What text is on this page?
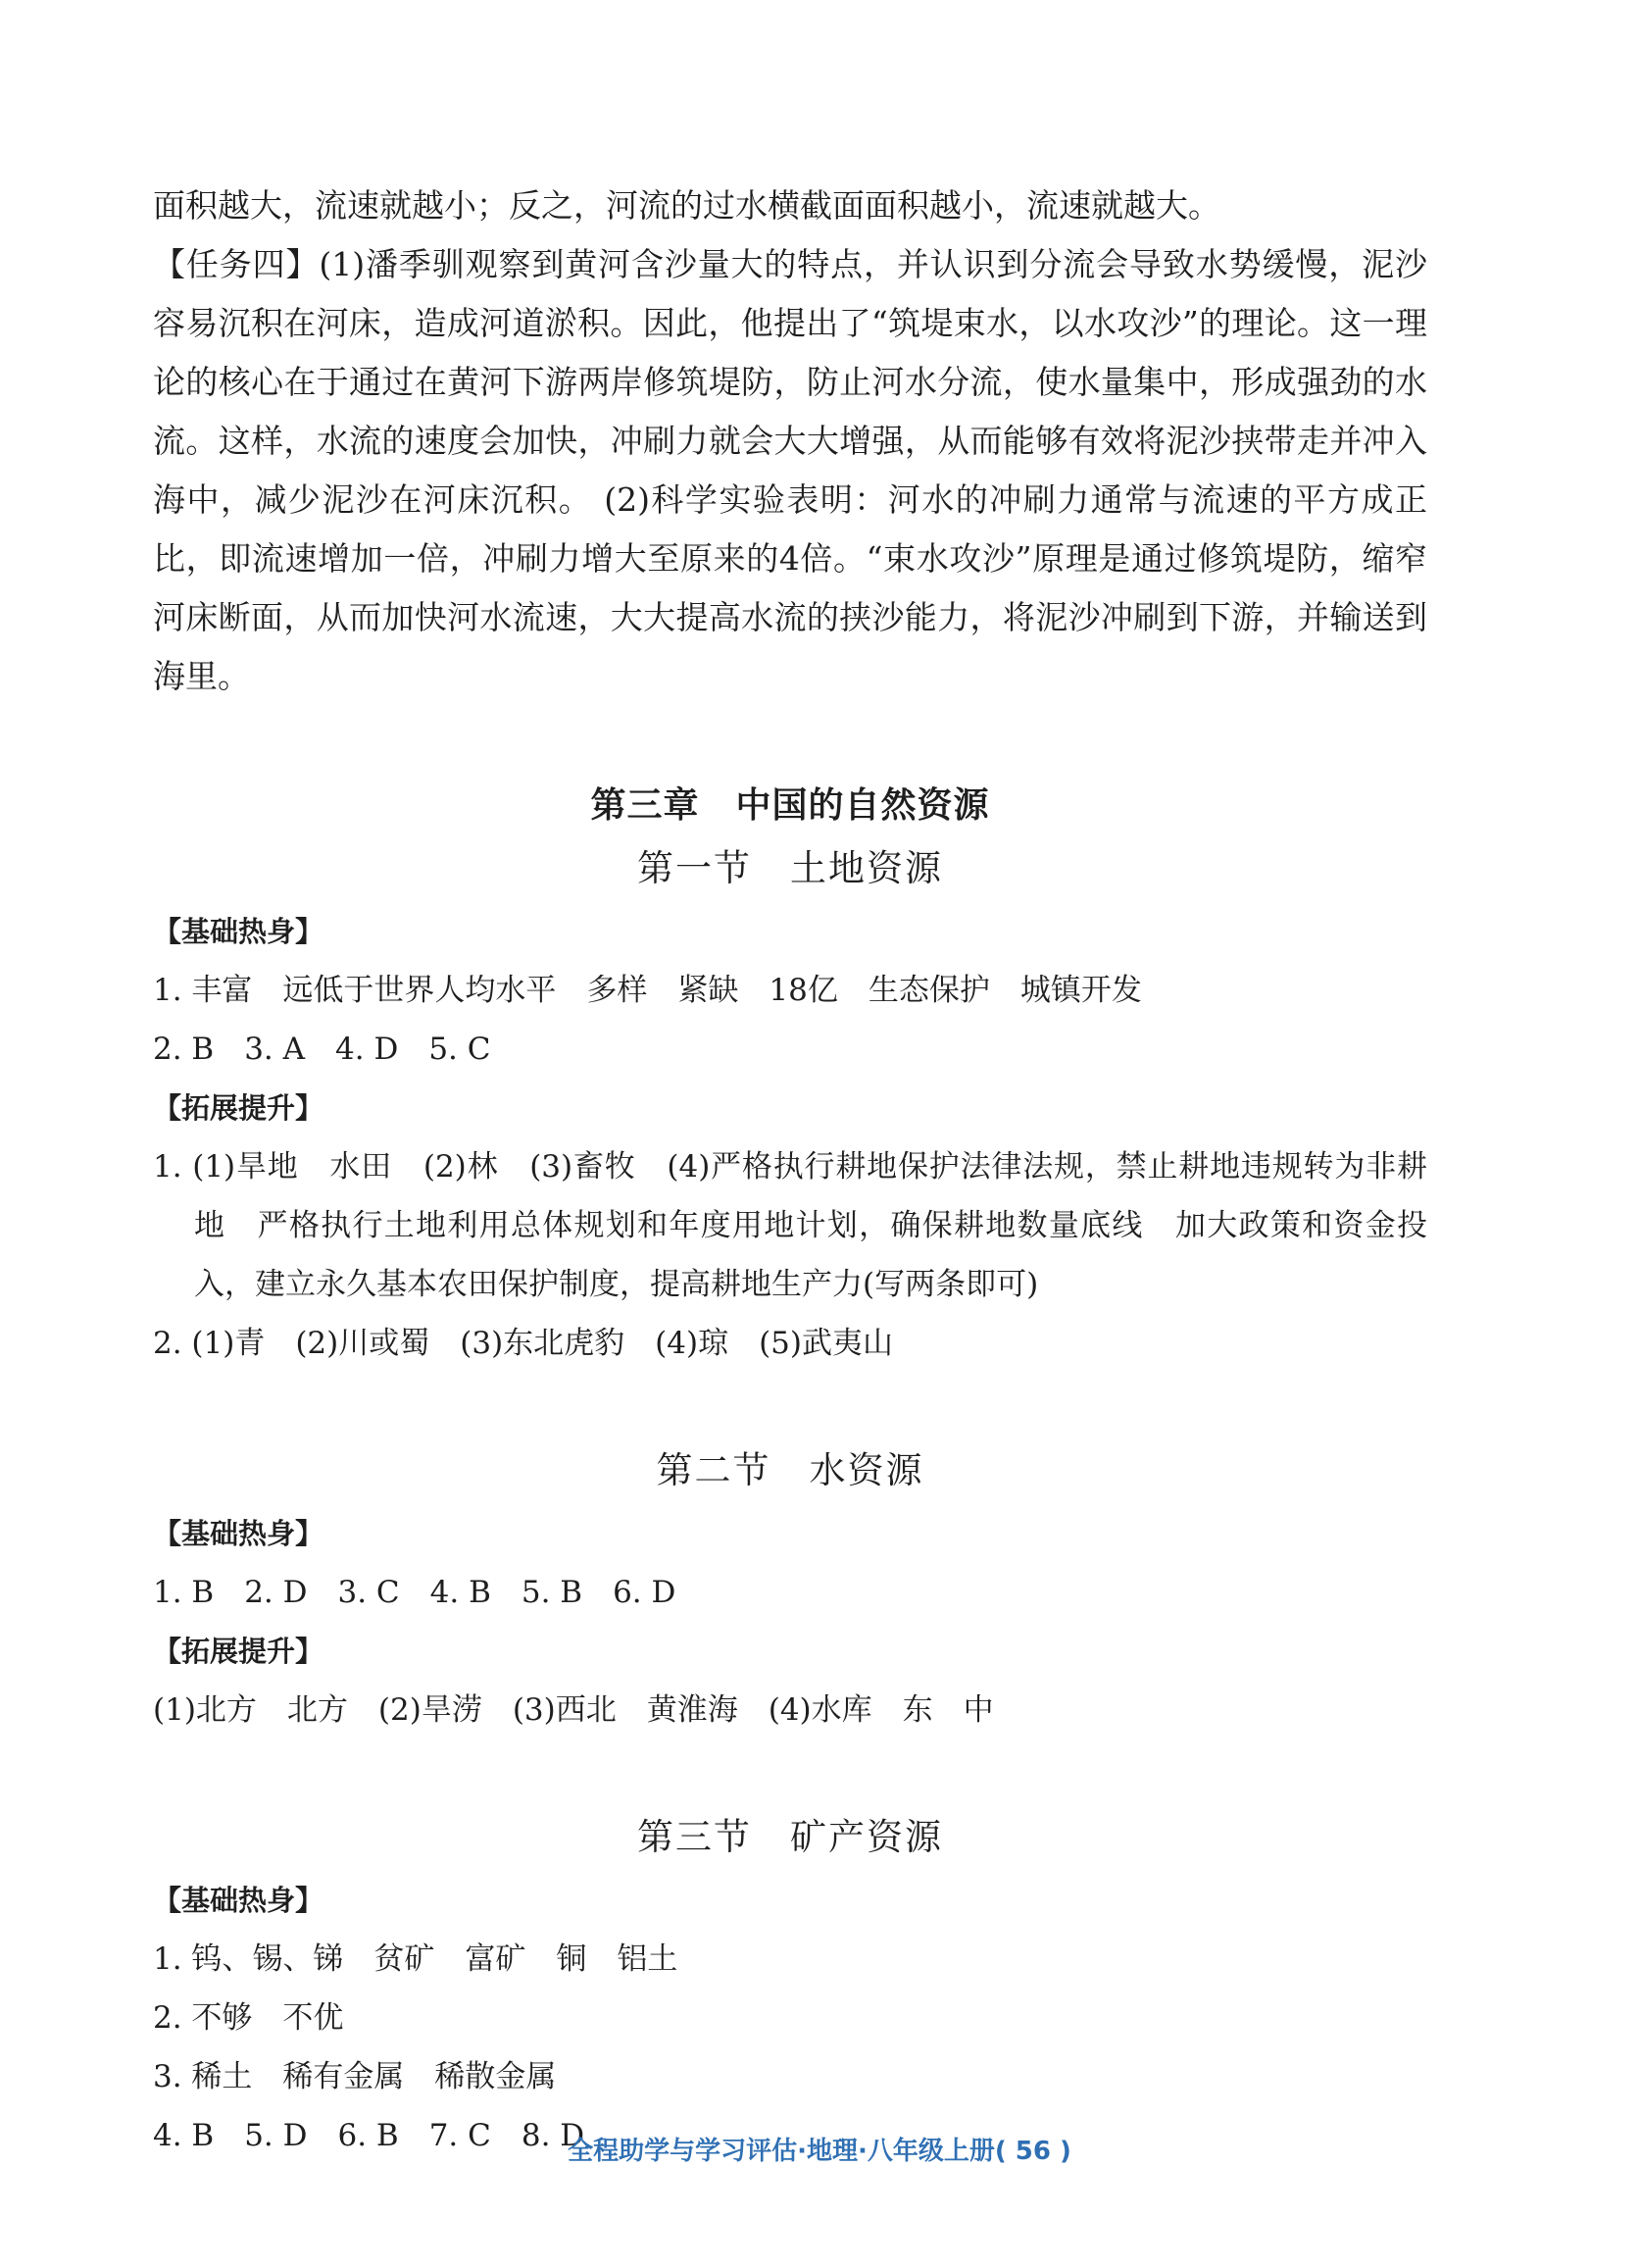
面积越大，流速就越小；反之，河流的过水横截面面积越小，流速就越大。

【任务四】(1)潘季驯观察到黄河含沙量大的特点，并认识到分流会导致水势缓慢，泥沙容易沉积在河床，造成河道淤积。因此，他提出了“筑堤束水，以水攻沙”的理论。这一理论的核心在于通过在黄河下游两岸修筑堤防，防止河水分流，使水量集中，形成强劲的水流。这样，水流的速度会加快，冲刷力就会大大增强，从而能够有效将泥沙挟带走并冲入海中，减少泥沙在河床沉积。 (2)科学实验表明：河水的冲刷力通常与流速的平方成正比，即流速增加一倍，冲刷力增大至原来的4倍。“束水攻沙”原理是通过修筑堤防，缩窄河床断面，从而加快河水流速，大大提高水流的挟沙能力，将泥沙冲刷到下游，并输送到海里。

第三章　中国的自然资源
第一节　土地资源
【基础热身】

1. 丰富　远低于世界人均水平　多样　紧缺　18亿　生态保护　城镇开发

2. B　3. A　4. D　5. C

【拓展提升】

1. (1)旱地　水田　(2)林　(3)畜牧　(4)严格执行耕地保护法律法规，禁止耕地违规转为非耕地　严格执行土地利用总体规划和年度用地计划，确保耕地数量底线　加大政策和资金投入，建立永久基本农田保护制度，提高耕地生产力(写两条即可)

2. (1)青　(2)川或蜀　(3)东北虎豹　(4)琼　(5)武夷山

第二节　水资源
【基础热身】

1. B　2. D　3. C　4. B　5. B　6. D

【拓展提升】

(1)北方　北方　(2)旱涝　(3)西北　黄淮海　(4)水库　东　中

第三节　矿产资源
【基础热身】

1. 钨、锡、锑　贫矿　富矿　铜　铝土

2. 不够　不优

3. 稀土　稀有金属　稀散金属

4. B　5. D　6. B　7. C　8. D

全程助学与学习评估·地理·八年级上册( 56 )
